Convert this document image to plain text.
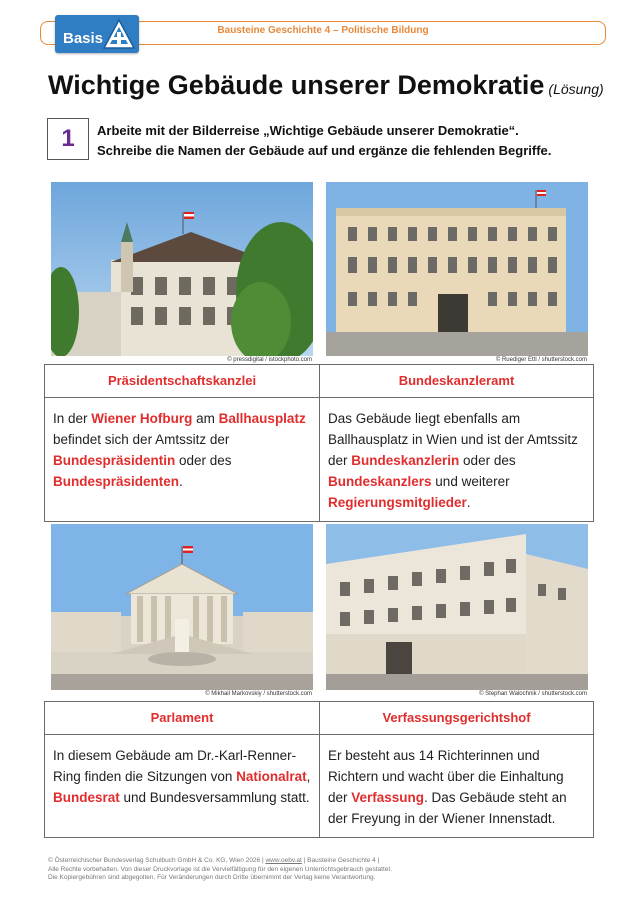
Bausteine Geschichte 4 – Politische Bildung
Basis
Wichtige Gebäude unserer Demokratie (Lösung)
1	Arbeite mit der Bilderreise „Wichtige Gebäude unserer Demokratie“.
Schreibe die Namen der Gebäude auf und ergänze die fehlenden Begriffe.
© pressdigital / istockphoto.com	© Ruediger Ettl / shutterstock.com
Präsidentschaftskanzlei	Bundeskanzleramt
In der Wiener Hofburg am Ballhausplatz befindet sich der Amtssitz der Bundespräsidentin oder des Bundespräsidenten.
Das Gebäude liegt ebenfalls am Ballhausplatz in Wien und ist der Amtssitz der Bundeskanzlerin oder des Bundeskanzlers und weiterer Regierungsmitglieder.
© Mikhail Markovskiy / shutterstock.com	© Stephan Walochnik / shutterstock.com
Parlament	Verfassungsgerichtshof
In diesem Gebäude am Dr.-Karl-Renner-Ring finden die Sitzungen von Nationalrat, Bundesrat und Bundesversammlung statt.
Er besteht aus 14 Richterinnen und Richtern und wacht über die Einhaltung der Verfassung. Das Gebäude steht an der Freyung in der Wiener Innenstadt.
© Österreichischer Bundesverlag Schulbuch GmbH & Co. KG, Wien 2026 | www.oebv.at | Bausteine Geschichte 4 |
Alle Rechte vorbehalten. Von dieser Druckvorlage ist die Vervielfältigung für den eigenen Unterrichtsgebrauch gestattet.
Die Kopiergebühren sind abgegolten. Für Veränderungen durch Dritte übernimmt der Verlag keine Verantwortung.
